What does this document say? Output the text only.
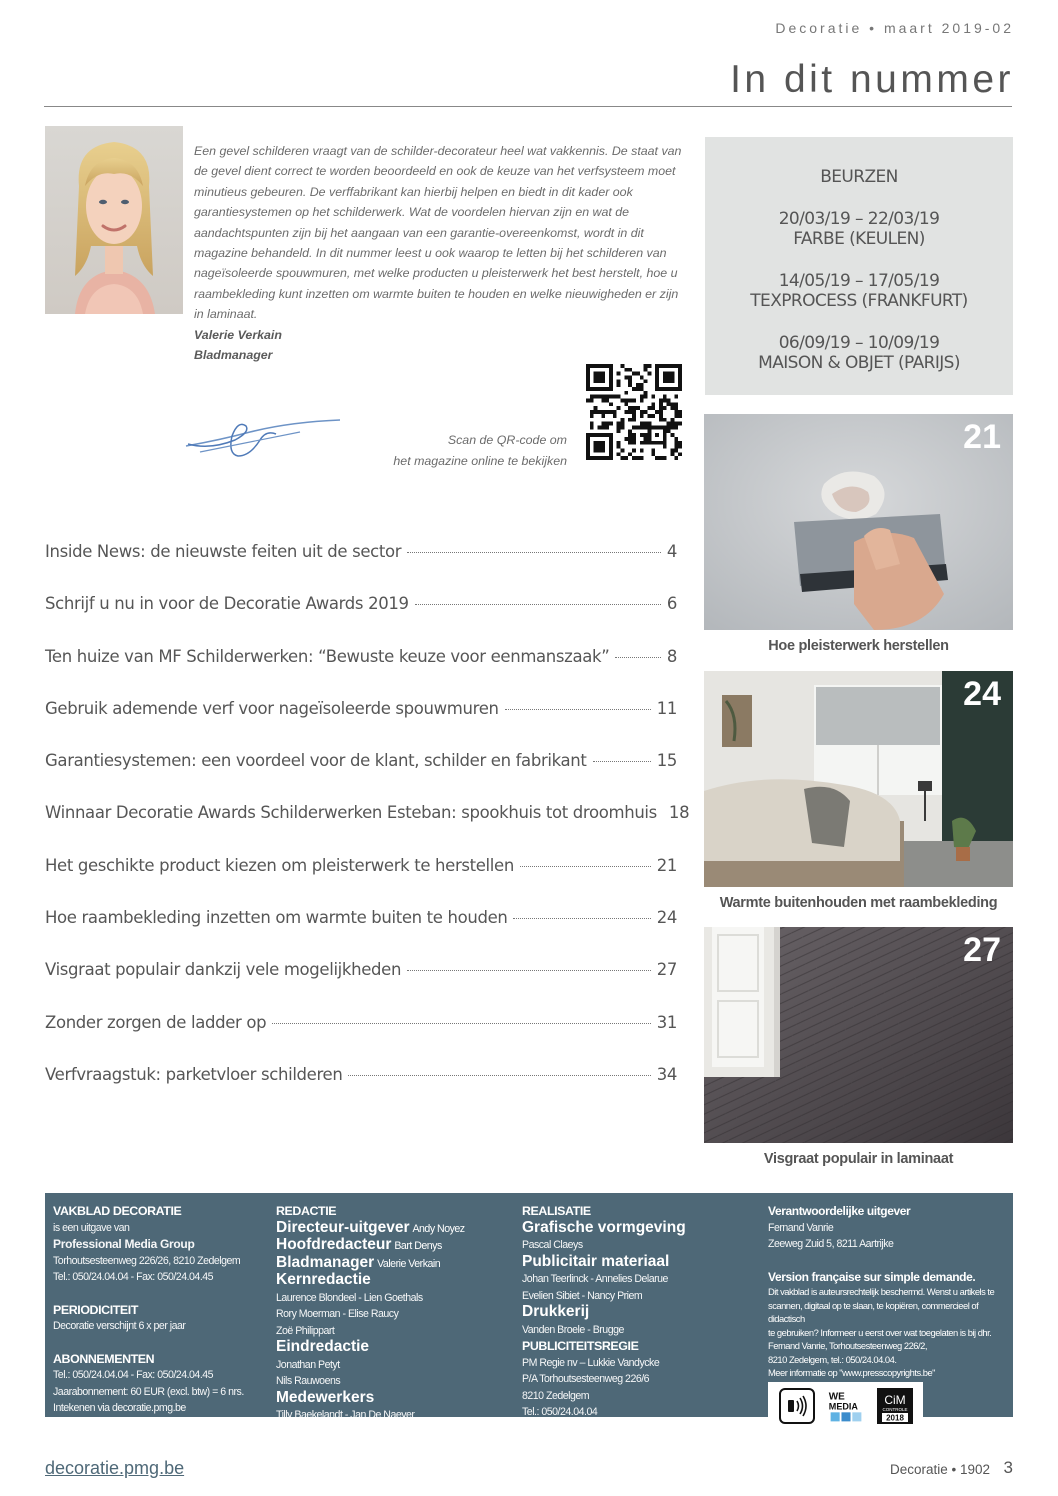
Decoratie • maart 2019-02
In dit nummer
Een gevel schilderen vraagt van de schilder-decorateur heel wat vakkennis. De staat van de gevel dient correct te worden beoordeeld en ook de keuze van het verfsysteem moet minutieus gebeuren. De verffabrikant kan hierbij helpen en biedt in dit kader ook garantiesystemen op het schilderwerk. Wat de voordelen hiervan zijn en wat de aandachtspunten zijn bij het aangaan van een garantie-overeenkomst, wordt in dit magazine behandeld. In dit nummer leest u ook waarop te letten bij het schilderen van nageïsoleerde spouwmuren, met welke producten u pleisterwerk het best herstelt, hoe u raambekleding kunt inzetten om warmte buiten te houden en welke nieuwigheden er zijn in laminaat.
Valerie Verkain
Bladmanager
Scan de QR-code om
het magazine online te bekijken
BEURZEN
20/03/19 – 22/03/19
FARBE (KEULEN)
14/05/19 – 17/05/19
TEXPROCESS (FRANKFURT)
06/09/19 – 10/09/19
MAISON & OBJET (PARIJS)
Inside News: de nieuwste feiten uit de sector	4
Schrijf u nu in voor de Decoratie Awards 2019	6
Ten huize van MF Schilderwerken: “Bewuste keuze voor eenmanszaak”	8
Gebruik ademende verf voor nageïsoleerde spouwmuren	11
Garantiesystemen: een voordeel voor de klant, schilder en fabrikant	15
Winnaar Decoratie Awards Schilderwerken Esteban: spookhuis tot droomhuis 18
Het geschikte product kiezen om pleisterwerk te herstellen	21
Hoe raambekleding inzetten om warmte buiten te houden	24
Visgraat populair dankzij vele mogelijkheden	27
Zonder zorgen de ladder op	31
Verfvraagstuk: parketvloer schilderen	34
21
Hoe pleisterwerk herstellen
24
Warmte buitenhouden met raambekleding
27
Visgraat populair in laminaat
VAKBLAD DECORATIE
is een uitgave van
Professional Media Group
Torhoutsesteenweg 226/26, 8210 Zedelgem
Tel.: 050/24.04.04 - Fax: 050/24.04.45
PERIODICITEIT
Decoratie verschijnt 6 x per jaar
ABONNEMENTEN
Tel.: 050/24.04.04 - Fax: 050/24.04.45
Jaarabonnement: 60 EUR (excl. btw) = 6 nrs.
Intekenen via decoratie.pmg.be
of mail naar abo@pmgroup.be
REDACTIE
Directeur-uitgever Andy Noyez
Hoofdredacteur Bart Denys
Bladmanager Valerie Verkain
Kernredactie
Laurence Blondeel - Lien Goethals
Rory Moerman - Elise Raucy
Zoë Philippart
Eindredactie
Jonathan Petyt
Nils Rauwoens
Medewerkers
Tilly Baekelandt - Jan De Naeyer
Luc Vandenbroeck
REALISATIE
Grafische vormgeving
Pascal Claeys
Publicitair materiaal
Johan Teerlinck - Annelies Delarue
Evelien Sibiet - Nancy Priem
Drukkerij
Vanden Broele - Brugge
PUBLICITEITSREGIE
PM Regie nv – Lukkie Vandycke
P/A Torhoutsesteenweg 226/6
8210 Zedelgem
Tel.: 050/24.04.04
Fax: 050/24.04.45
Verantwoordelijke uitgever
Fernand Vanrie
Zeeweg Zuid 5, 8211 Aartrijke
Version française sur simple demande.
Dit vakblad is auteursrechtelijk beschermd. Wenst u artikels te
scannen, digitaal op te slaan, te kopiëren, commercieel of didactisch
te gebruiken? Informeer u eerst over wat toegelaten is bij dhr.
Fernand Vanrie, Torhoutsesteenweg 226/2,
8210 Zedelgem, tel.: 050/24.04.04.
Meer informatie op "www.presscopyrights.be"
WE
MEDIA CiM
CONTROLE
2018
decoratie.pmg.be	Decoratie • 1902 3
